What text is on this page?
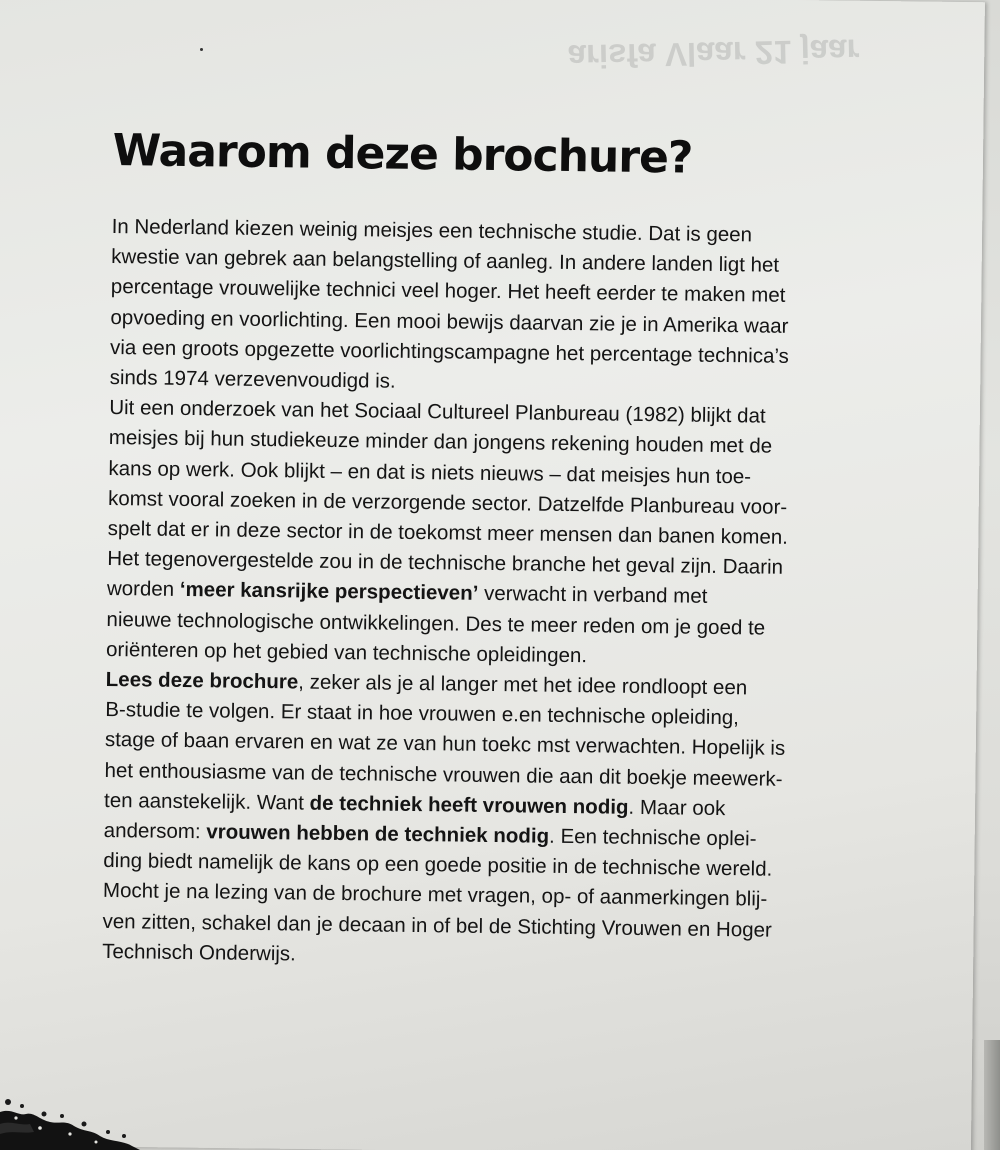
arisfa Vlaar 21 jaar

Waarom deze brochure?
In Nederland kiezen weinig meisjes een technische studie. Dat is geen
kwestie van gebrek aan belangstelling of aanleg. In andere landen ligt het
percentage vrouwelijke technici veel hoger. Het heeft eerder te maken met
opvoeding en voorlichting. Een mooi bewijs daarvan zie je in Amerika waar
via een groots opgezette voorlichtingscampagne het percentage technica’s
sinds 1974 verzevenvoudigd is.
Uit een onderzoek van het Sociaal Cultureel Planbureau (1982) blijkt dat
meisjes bij hun studiekeuze minder dan jongens rekening houden met de
kans op werk. Ook blijkt – en dat is niets nieuws – dat meisjes hun toe-
komst vooral zoeken in de verzorgende sector. Datzelfde Planbureau voor-
spelt dat er in deze sector in de toekomst meer mensen dan banen komen.
Het tegenovergestelde zou in de technische branche het geval zijn. Daarin
worden ‘meer kansrijke perspectieven’ verwacht in verband met
nieuwe technologische ontwikkelingen. Des te meer reden om je goed te
oriënteren op het gebied van technische opleidingen.
Lees deze brochure, zeker als je al langer met het idee rondloopt een
B-studie te volgen. Er staat in hoe vrouwen e.en technische opleiding,
stage of baan ervaren en wat ze van hun toekc mst verwachten. Hopelijk is
het enthousiasme van de technische vrouwen die aan dit boekje meewerk-
ten aanstekelijk. Want de techniek heeft vrouwen nodig. Maar ook
andersom: vrouwen hebben de techniek nodig. Een technische oplei-
ding biedt namelijk de kans op een goede positie in de technische wereld.
Mocht je na lezing van de brochure met vragen, op- of aanmerkingen blij-
ven zitten, schakel dan je decaan in of bel de Stichting Vrouwen en Hoger
Technisch Onderwijs.
